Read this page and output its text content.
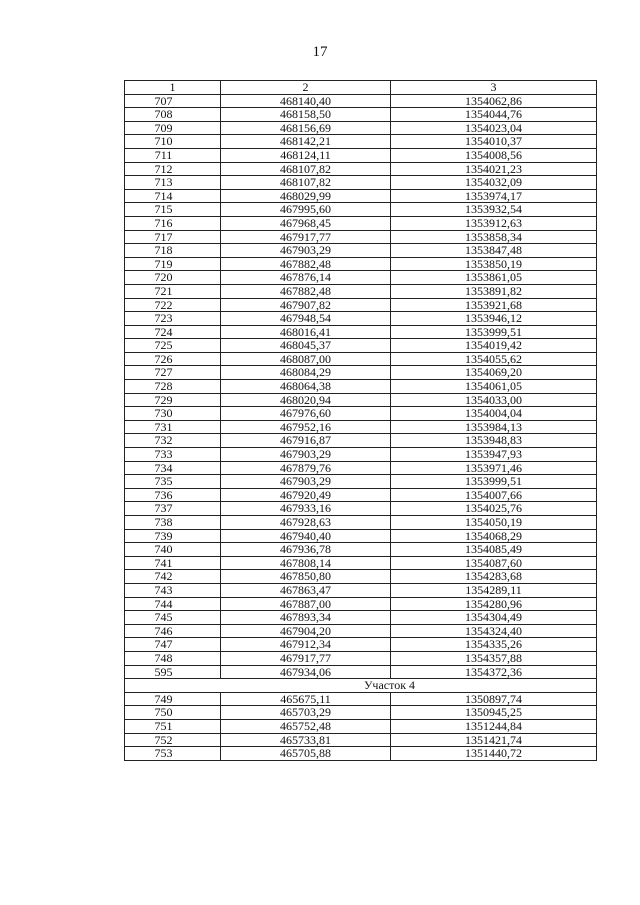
17
1	2	3
707	468140,40	1354062,86
708	468158,50	1354044,76
709	468156,69	1354023,04
710	468142,21	1354010,37
711	468124,11	1354008,56
712	468107,82	1354021,23
713	468107,82	1354032,09
714	468029,99	1353974,17
715	467995,60	1353932,54
716	467968,45	1353912,63
717	467917,77	1353858,34
718	467903,29	1353847,48
719	467882,48	1353850,19
720	467876,14	1353861,05
721	467882,48	1353891,82
722	467907,82	1353921,68
723	467948,54	1353946,12
724	468016,41	1353999,51
725	468045,37	1354019,42
726	468087,00	1354055,62
727	468084,29	1354069,20
728	468064,38	1354061,05
729	468020,94	1354033,00
730	467976,60	1354004,04
731	467952,16	1353984,13
732	467916,87	1353948,83
733	467903,29	1353947,93
734	467879,76	1353971,46
735	467903,29	1353999,51
736	467920,49	1354007,66
737	467933,16	1354025,76
738	467928,63	1354050,19
739	467940,40	1354068,29
740	467936,78	1354085,49
741	467808,14	1354087,60
742	467850,80	1354283,68
743	467863,47	1354289,11
744	467887,00	1354280,96
745	467893,34	1354304,49
746	467904,20	1354324,40
747	467912,34	1354335,26
748	467917,77	1354357,88
595	467934,06	1354372,36
Участок 4		
749	465675,11	1350897,74
750	465703,29	1350945,25
751	465752,48	1351244,84
752	465733,81	1351421,74
753	465705,88	1351440,72
